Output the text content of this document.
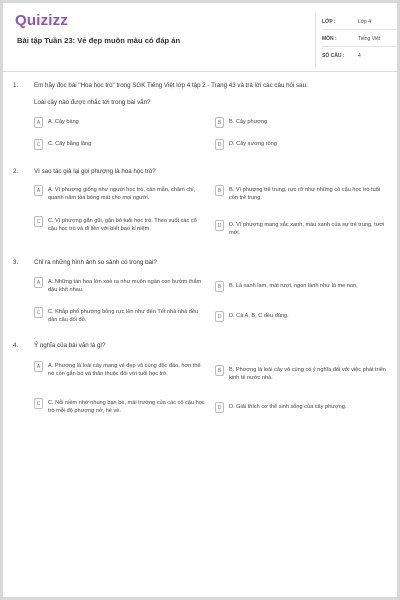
Quizizz
Bài tập Tuần 23: Vẻ đẹp muôn màu có đáp án
LỚP :	Lớp 4
MÔN :	Tiếng Việt
SỐ CÂU :	4
1.	Em hãy đọc bài "Hoa học trò" trong SGK Tiếng Việt lớp 4 tập 2 - Trang 43 và trả lời các câu hỏi sau:
Loài cây nào được nhắc tới trong bài văn?
A	A. Cây bàng	B	B. Cây phượng
C	C. Cây bằng lăng	D	D. Cây xương rồng
2.	Vì sao tác giả lại gọi phượng là hoa học trò?
A	A. Vì phượng giống như người học trò, cần mẫn, chăm chỉ, quanh năm tỏa bóng mát cho mọi người.
B	B. Vì phượng trẻ trung, rực rỡ như những cô cậu học trò tuổi còn trẻ trung.
C	C. Vì phượng gắn gũi, gắn bó tuổi học trò. Theo suốt các cô cậu học trò và đi liền với biết bao kỉ niệm.
D	D. Vì phượng mang sắc xanh, màu xanh của sự trẻ trung, tươi mới.
3.	Chỉ ra những hình ảnh so sánh có trong bài?
A	A. Những tán hoa lớn xoè ra như muôn ngàn con bướm thắm đậu khít nhau.
B	B. Lá xanh lam, mát rượi, ngon lành như lá me non,
C	C. Khắp phố phường bỗng rực lên như đến Tết nhà nhà đều dán câu đối đỏ.
D	D. Cả A, B, C đều đúng.
4.	Ý nghĩa của bài văn là gì?
A	A. Phượng là loài cây mang vẻ đẹp vô cùng độc đáo, hơn thế nó còn gắn bó và thân thuộc đối với tuổi học trò.
B	B. Phượng là loài cây vô cùng có ý nghĩa đối với việc phát triển kinh tế nước nhà.
C	C. Nỗi niềm nhớ nhung bạn bè, mái trường của các cô cậu học trò mỗi độ phượng nở, hè về.
D	D. Giải thích cơ thể sinh sống của cây phượng.
